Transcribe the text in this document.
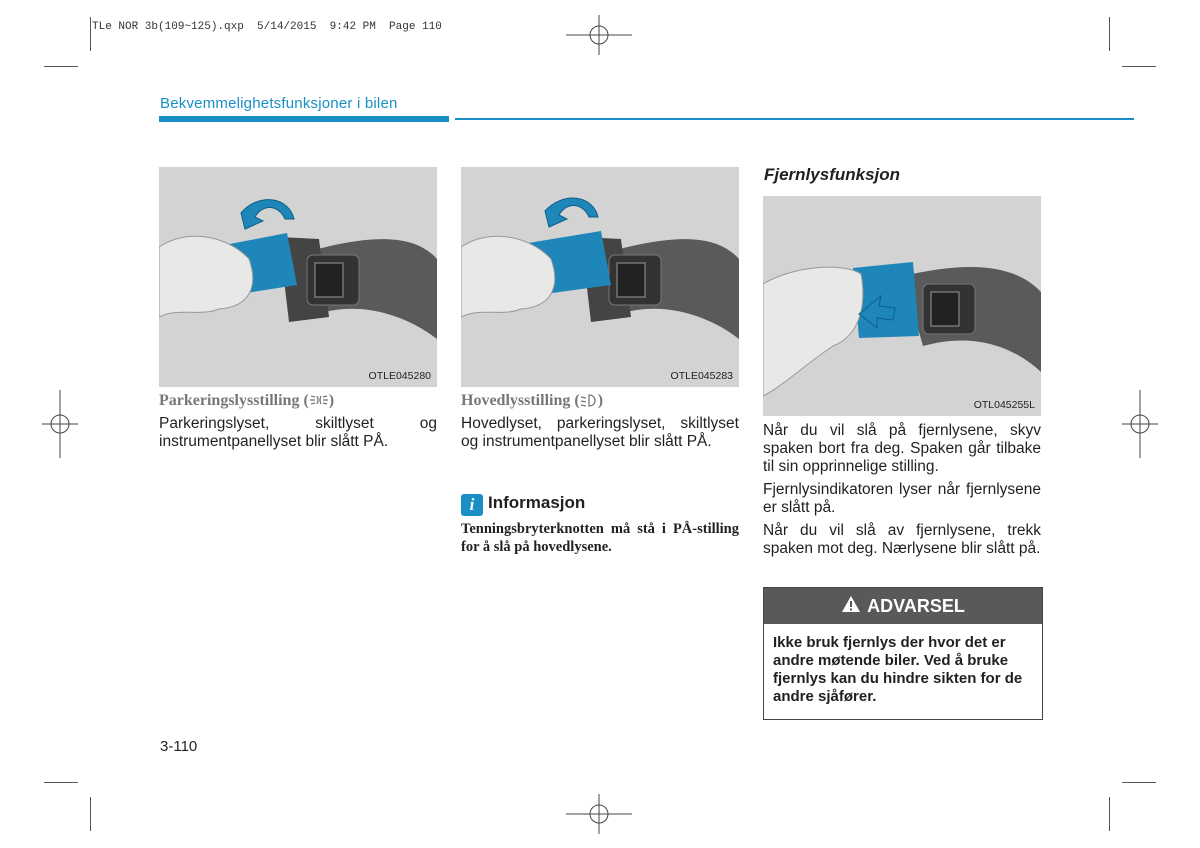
TLe NOR 3b(109~125).qxp  5/14/2015  9:42 PM  Page 110
Bekvemmelighetsfunksjoner i bilen
OTLE045280	OTLE045283
OTL045255L
Parkeringslysstilling ( )
Parkeringslyset, skiltlyset og instrumentpanellyset blir slått PÅ.
Hovedlysstilling ( )
Hovedlyset, parkeringslyset, skiltlyset og instrumentpanellyset blir slått PÅ.
i Informasjon
Tenningsbryterknotten må stå i PÅ-stilling for å slå på hovedlysene.
Fjernlysfunksjon
Når du vil slå på fjernlysene, skyv spaken bort fra deg. Spaken går tilbake til sin opprinnelige stilling.
Fjernlysindikatoren lyser når fjernlysene er slått på.
Når du vil slå av fjernlysene, trekk spaken mot deg. Nærlysene blir slått på.
ADVARSEL
Ikke bruk fjernlys der hvor det er andre møtende biler. Ved å bruke fjernlys kan du hindre sikten for de andre sjåfører.
3-110
